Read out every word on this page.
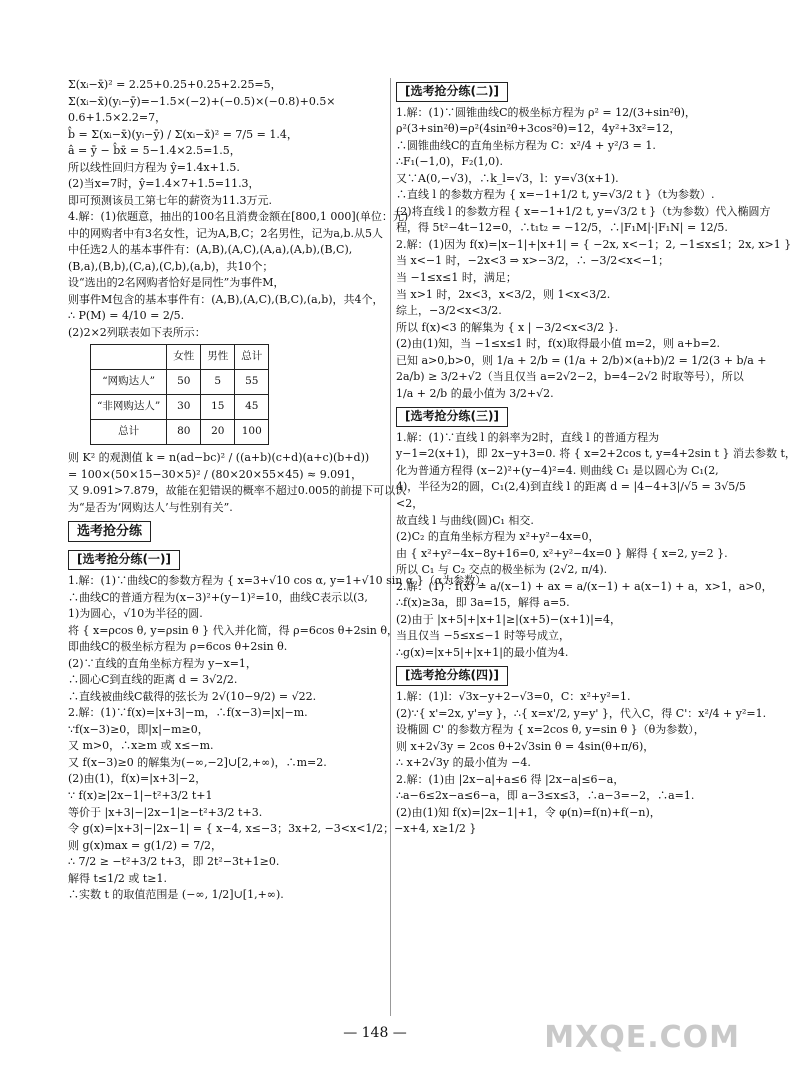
Σ(xᵢ−x̄)² = 2.25+0.25+0.25+2.25=5，
Σ(xᵢ−x̄)(yᵢ−ȳ)=−1.5×(−2)+(−0.5)×(−0.8)+0.5×
0.6+1.5×2.2=7，
b̂ = Σ(xᵢ−x̄)(yᵢ−ȳ) / Σ(xᵢ−x̄)² = 7/5 = 1.4，
â = ȳ − b̂x̄ = 5−1.4×2.5=1.5，
所以线性回归方程为 ŷ=1.4x+1.5.
(2)当x=7时，ŷ=1.4×7+1.5=11.3，
即可预测该员工第七年的薪资为11.3万元.
4.解：(1)依题意，抽出的100名且消费金额在[800,1 000](单位：元)
中的网购者中有3名女性，记为A,B,C；2名男性，记为a,b.从5人
中任选2人的基本事件有：(A,B),(A,C),(A,a),(A,b),(B,C),
(B,a),(B,b),(C,a),(C,b),(a,b)，共10个；
设“选出的2名网购者恰好是同性”为事件M，
则事件M包含的基本事件有：(A,B),(A,C),(B,C),(a,b)，共4个，
∴ P(M) = 4/10 = 2/5.
(2)2×2列联表如下表所示：
	女性	男性	总计
“网购达人”	50	5	55
“非网购达人”	30	15	45
总计	80	20	100
则 K² 的观测值 k = n(ad−bc)² / ((a+b)(c+d)(a+c)(b+d))
= 100×(50×15−30×5)² / (80×20×55×45) ≈ 9.091，
又 9.091>7.879，故能在犯错误的概率不超过0.005的前提下可以认
为“是否为‘网购达人’与性别有关”.
选考抢分练
[选考抢分练(一)]
1.解：(1)∵曲线C的参数方程为 { x=3+√10 cos α, y=1+√10 sin α }（α为参数），
∴曲线C的普通方程为(x−3)²+(y−1)²=10，曲线C表示以(3,
1)为圆心，√10为半径的圆.
将 { x=ρcos θ, y=ρsin θ } 代入并化简，得 ρ=6cos θ+2sin θ，
即曲线C的极坐标方程为 ρ=6cos θ+2sin θ.
(2)∵直线的直角坐标方程为 y−x=1，
∴圆心C到直线的距离 d = 3√2/2.
∴直线被曲线C截得的弦长为 2√(10−9/2) = √22.
2.解：(1)∵f(x)=|x+3|−m，∴f(x−3)=|x|−m.
∵f(x−3)≥0，即|x|−m≥0，
又 m>0，∴x≥m 或 x≤−m.
又 f(x−3)≥0 的解集为(−∞,−2]∪[2,+∞)，∴m=2.
(2)由(1)，f(x)=|x+3|−2，
∵ f(x)≥|2x−1|−t²+3/2 t+1
等价于 |x+3|−|2x−1|≥−t²+3/2 t+3.
令 g(x)=|x+3|−|2x−1| = { x−4, x≤−3；3x+2, −3<x<1/2；−x+4, x≥1/2 }
则 g(x)max = g(1/2) = 7/2，
∴ 7/2 ≥ −t²+3/2 t+3，即 2t²−3t+1≥0.
解得 t≤1/2 或 t≥1.
∴实数 t 的取值范围是 (−∞, 1/2]∪[1,+∞).
[选考抢分练(二)]
1.解：(1)∵圆锥曲线C的极坐标方程为 ρ² = 12/(3+sin²θ)，
ρ²(3+sin²θ)=ρ²(4sin²θ+3cos²θ)=12，4y²+3x²=12，
∴圆锥曲线C的直角坐标方程为 C：x²/4 + y²/3 = 1.
∴F₁(−1,0)，F₂(1,0).
又∵A(0,−√3)，∴k_l=√3，l：y=√3(x+1).
∴直线 l 的参数方程为 { x=−1+1/2 t, y=√3/2 t }（t为参数）.
(2)将直线 l 的参数方程 { x=−1+1/2 t, y=√3/2 t }（t为参数）代入椭圆方
程，得 5t²−4t−12=0，∴t₁t₂ = −12/5，∴|F₁M|·|F₁N| = 12/5.
2.解：(1)因为 f(x)=|x−1|+|x+1| = { −2x, x<−1；2, −1≤x≤1；2x, x>1 }
当 x<−1 时，−2x<3 ⇒ x>−3/2，∴ −3/2<x<−1；
当 −1≤x≤1 时，满足；
当 x>1 时，2x<3，x<3/2，则 1<x<3/2.
综上，−3/2<x<3/2.
所以 f(x)<3 的解集为 { x | −3/2<x<3/2 }.
(2)由(1)知，当 −1≤x≤1 时，f(x)取得最小值 m=2，则 a+b=2.
已知 a>0,b>0，则 1/a + 2/b = (1/a + 2/b)×(a+b)/2 = 1/2(3 + b/a +
2a/b) ≥ 3/2+√2（当且仅当 a=2√2−2，b=4−2√2 时取等号），所以
1/a + 2/b 的最小值为 3/2+√2.
[选考抢分练(三)]
1.解：(1)∵直线 l 的斜率为2时，直线 l 的普通方程为
y−1=2(x+1)，即 2x−y+3=0. 将 { x=2+2cos t, y=4+2sin t } 消去参数 t，
化为普通方程得 (x−2)²+(y−4)²=4. 则曲线 C₁ 是以圆心为 C₁(2,
4)，半径为2的圆，C₁(2,4)到直线 l 的距离 d = |4−4+3|/√5 = 3√5/5
<2，
故直线 l 与曲线(圆)C₁ 相交.
(2)C₂ 的直角坐标方程为 x²+y²−4x=0，
由 { x²+y²−4x−8y+16=0, x²+y²−4x=0 } 解得 { x=2, y=2 }.
所以 C₁ 与 C₂ 交点的极坐标为 (2√2, π/4).
2.解：(1)∵f(x) = a/(x−1) + ax = a/(x−1) + a(x−1) + a，x>1，a>0，
∴f(x)≥3a，即 3a=15，解得 a=5.
(2)由于 |x+5|+|x+1|≥|(x+5)−(x+1)|=4，
当且仅当 −5≤x≤−1 时等号成立，
∴g(x)=|x+5|+|x+1|的最小值为4.
[选考抢分练(四)]
1.解：(1)l：√3x−y+2−√3=0，C：x²+y²=1.
(2)∵{ x'=2x, y'=y }，∴{ x=x'/2, y=y' }，代入C，得 C'：x²/4 + y²=1.
设椭圆 C' 的参数方程为 { x=2cos θ, y=sin θ }（θ为参数），
则 x+2√3y = 2cos θ+2√3sin θ = 4sin(θ+π/6)，
∴ x+2√3y 的最小值为 −4.
2.解：(1)由 |2x−a|+a≤6 得 |2x−a|≤6−a，
∴a−6≤2x−a≤6−a，即 a−3≤x≤3，∴a−3=−2，∴a=1.
(2)由(1)知 f(x)=|2x−1|+1，令 φ(n)=f(n)+f(−n)，
— 148 —	MXQE.COM
